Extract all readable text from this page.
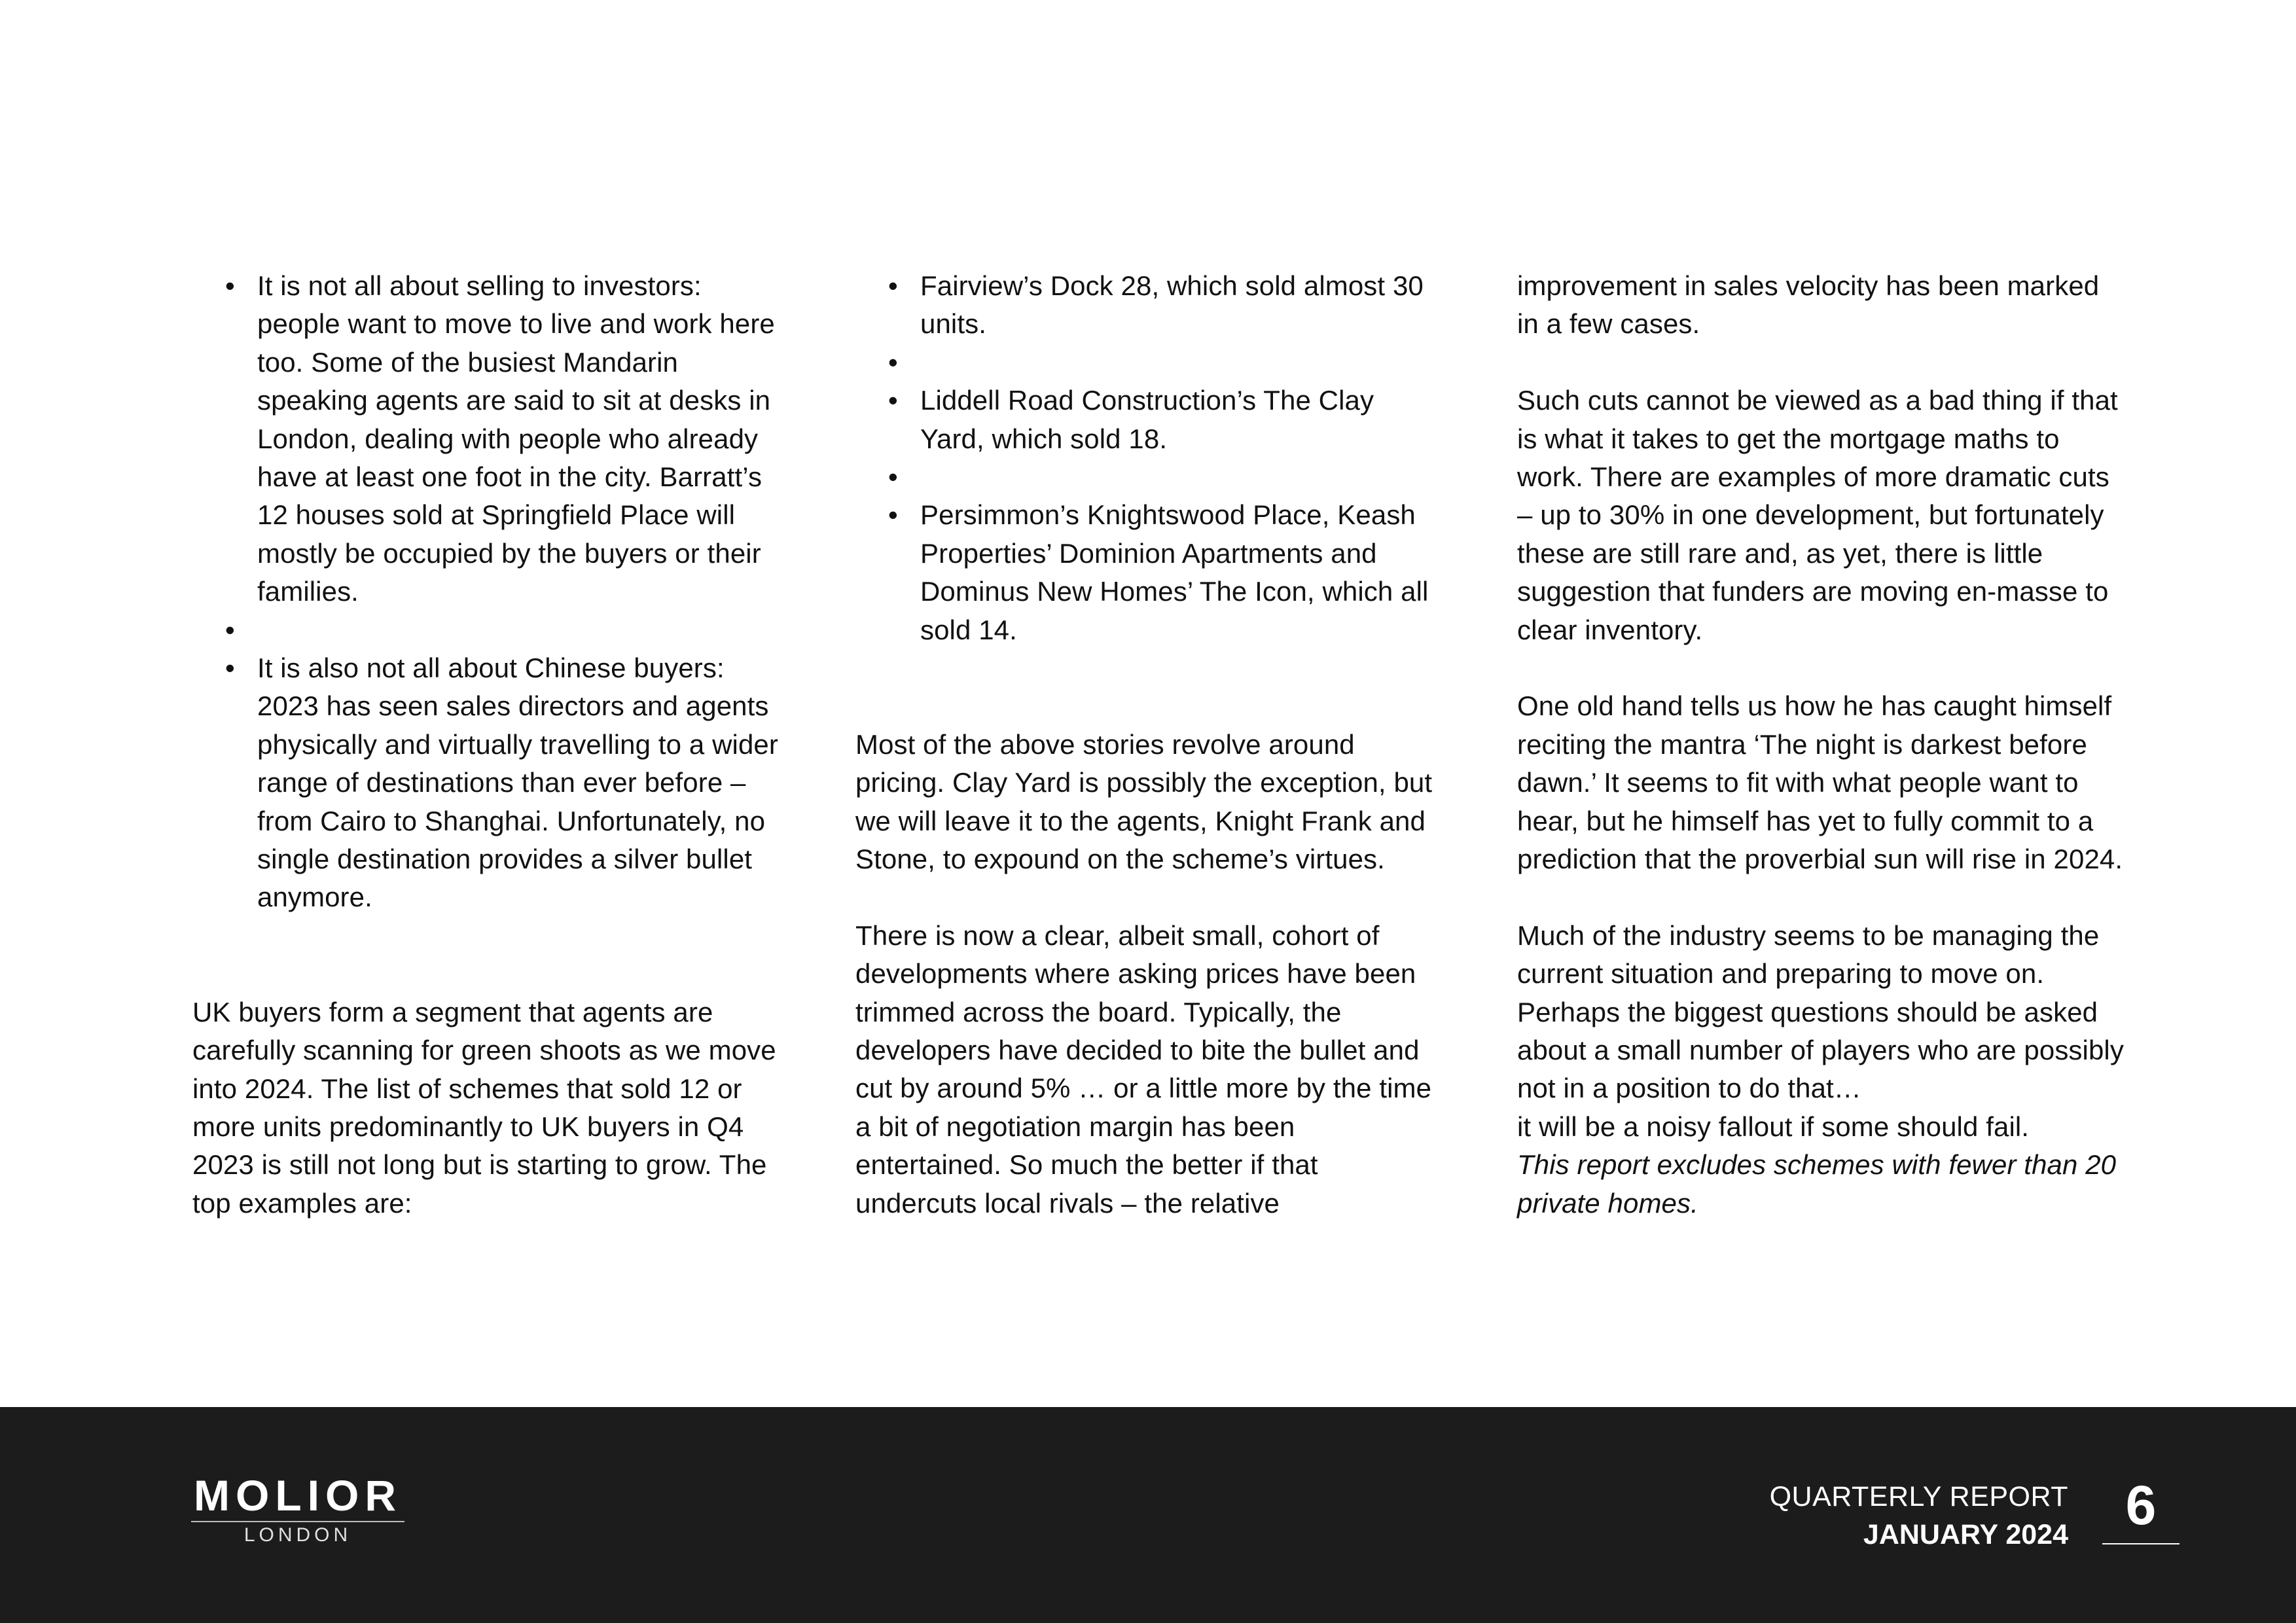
• It is not all about selling to investors: people want to move to live and work here too. Some of the busiest Mandarin speaking agents are said to sit at desks in London, dealing with people who already have at least one foot in the city. Barratt’s 12 houses sold at Springfield Place will mostly be occupied by the buyers or their families.
•
• It is also not all about Chinese buyers: 2023 has seen sales directors and agents physically and virtually travelling to a wider range of destinations than ever before – from Cairo to Shanghai. Unfortunately, no single destination provides a silver bullet anymore.

UK buyers form a segment that agents are carefully scanning for green shoots as we move into 2024. The list of schemes that sold 12 or more units predominantly to UK buyers in Q4 2023 is still not long but is starting to grow. The top examples are:

• Fairview’s Dock 28, which sold almost 30 units.
•
• Liddell Road Construction’s The Clay Yard, which sold 18.
•
• Persimmon’s Knightswood Place, Keash Properties’ Dominion Apartments and Dominus New Homes’ The Icon, which all sold 14.

Most of the above stories revolve around pricing. Clay Yard is possibly the exception, but we will leave it to the agents, Knight Frank and Stone, to expound on the scheme’s virtues.

There is now a clear, albeit small, cohort of developments where asking prices have been trimmed across the board. Typically, the developers have decided to bite the bullet and cut by around 5% … or a little more by the time a bit of negotiation margin has been entertained. So much the better if that undercuts local rivals – the relative

improvement in sales velocity has been marked in a few cases.

Such cuts cannot be viewed as a bad thing if that is what it takes to get the mortgage maths to work. There are examples of more dramatic cuts – up to 30% in one development, but fortunately these are still rare and, as yet, there is little suggestion that funders are moving en-masse to clear inventory.

One old hand tells us how he has caught himself reciting the mantra ‘The night is darkest before dawn.’ It seems to fit with what people want to hear, but he himself has yet to fully commit to a prediction that the proverbial sun will rise in 2024.

Much of the industry seems to be managing the current situation and preparing to move on. Perhaps the biggest questions should be asked about a small number of players who are possibly not in a position to do that…

it will be a noisy fallout if some should fail.

This report excludes schemes with fewer than 20 private homes.

MOLIOR
LONDON
QUARTERLY REPORT
JANUARY 2024	6
